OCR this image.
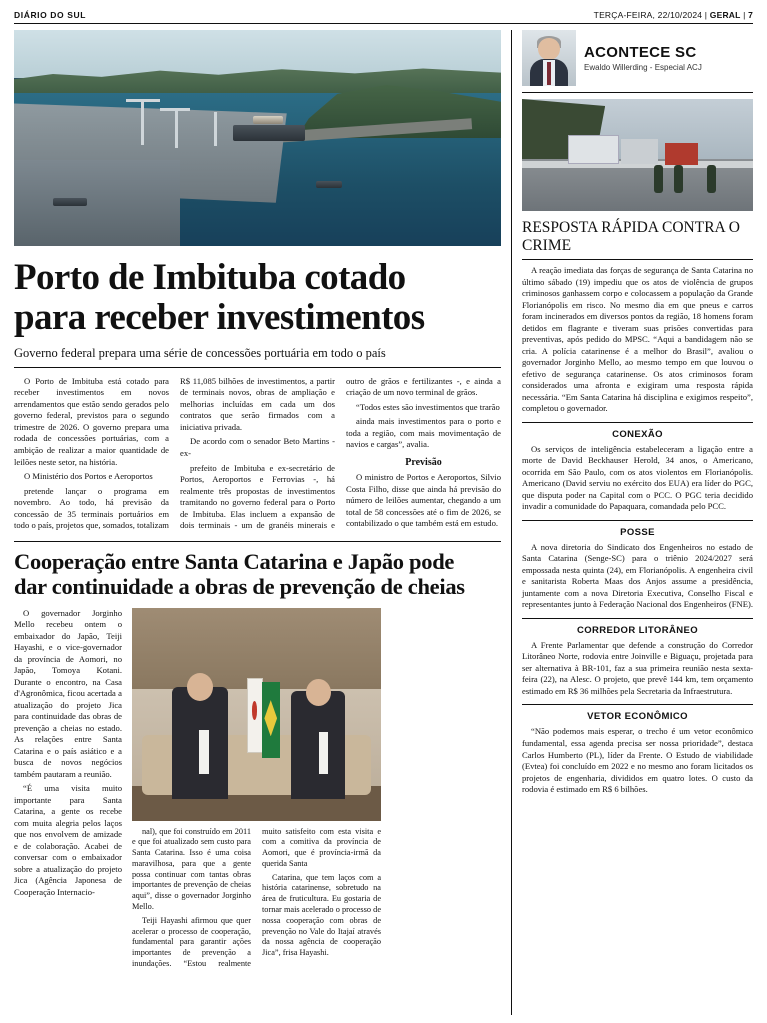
DIÁRIO DO SUL	TERÇA-FEIRA, 22/10/2024 | GERAL | 7
Porto de Imbituba cotado
para receber investimentos
Governo federal prepara uma série de concessões portuária em todo o país

O Porto de Imbituba está cotado para receber investimentos em novos arrendamentos que estão sendo gerados pelo governo federal, previstos para o segundo trimestre de 2026. O governo prepara uma rodada de concessões portuárias, com a ambição de realizar a maior quantidade de leilões neste setor, na história.

O Ministério dos Portos e Aeroportos

pretende lançar o programa em novembro. Ao todo, há previsão da concessão de 35 terminais portuários em todo o país, projetos que, somados, totalizam R$ 11,085 bilhões de investimentos, a partir de terminais novos, obras de ampliação e melhorias incluídas em cada um dos contratos que serão firmados com a iniciativa privada.

De acordo com o senador Beto Martins - ex-

prefeito de Imbituba e ex-secretário de Portos, Aeroportos e Ferrovias -, há realmente três propostas de investimentos tramitando no governo federal para o Porto de Imbituba. Elas incluem a expansão de dois terminais - um de granéis minerais e outro de grãos e fertilizantes -, e ainda a criação de um novo terminal de grãos.

“Todos estes são investimentos que trarão

ainda mais investimentos para o porto e toda a região, com mais movimentação de navios e cargas”, avalia.

Previsão

O ministro de Portos e Aeroportos, Silvio Costa Filho, disse que ainda há previsão do número de leilões aumentar, chegando a um total de 58 concessões até o fim de 2026, se contabilizado o que também está em estudo.

Cooperação entre Santa Catarina e Japão pode
dar continuidade a obras de prevenção de cheias

O governador Jorginho Mello recebeu ontem o embaixador do Japão, Teiji Hayashi, e o vice-governador da província de Aomori, no Japão, Tomoya Kotani. Durante o encontro, na Casa d'Agronômica, ficou acertada a atualização do projeto Jica para continuidade das obras de prevenção a cheias no estado. As relações entre Santa Catarina e o país asiático e a busca de novos negócios também pautaram a reunião.

“É uma visita muito importante para Santa Catarina, a gente os recebe com muita alegria pelos laços que nos envolvem de amizade e de colaboração. Acabei de conversar com o embaixador sobre a atualização do projeto Jica (Agência Japonesa de Cooperação Internacio-

nal), que foi construído em 2011 e que foi atualizado sem custo para Santa Catarina. Isso é uma coisa maravilhosa, para que a gente possa continuar com tantas obras importantes de prevenção de cheias aqui”, disse o governador Jorginho Mello.

Teiji Hayashi afirmou que quer acelerar o processo de cooperação, fundamental para garantir ações importantes de prevenção a inundações. “Estou realmente muito satisfeito com esta visita e com a comitiva da província de Aomori, que é província-irmã da querida Santa

Catarina, que tem laços com a história catarinense, sobretudo na área de fruticultura. Eu gostaria de tornar mais acelerado o processo de nossa cooperação com obras de prevenção no Vale do Itajaí através da nossa agência de cooperação Jica”, frisa Hayashi.

ACONTECE SC
Ewaldo Willerding - Especial ACJ
RESPOSTA RÁPIDA CONTRA O CRIME

A reação imediata das forças de segurança de Santa Catarina no último sábado (19) impediu que os atos de violência de grupos criminosos ganhassem corpo e colocassem a população da Grande Florianópolis em risco. No mesmo dia em que pneus e carros foram incinerados em diversos pontos da região, 18 homens foram detidos em flagrante e tiveram suas prisões convertidas para preventivas, após pedido do MPSC. “Aqui a bandidagem não se cria. A polícia catarinense é a melhor do Brasil”, avaliou o governador Jorginho Mello, ao mesmo tempo em que louvou o efetivo de segurança catarinense. Os atos criminosos foram considerados uma afronta e exigiram uma resposta rápida necessária. “Em Santa Catarina há disciplina e exigimos respeito”, completou o governador.

CONEXÃO

Os serviços de inteligência estabeleceram a ligação entre a morte de David Beckhauser Herold, 34 anos, o Americano, ocorrida em São Paulo, com os atos violentos em Florianópolis. Americano (David serviu no exército dos EUA) era líder do PGC, que disputa poder na Capital com o PCC. O PGC teria decidido invadir a comunidade do Papaquara, comandada pelo PCC.

POSSE

A nova diretoria do Sindicato dos Engenheiros no estado de Santa Catarina (Senge-SC) para o triênio 2024/2027 será empossada nesta quinta (24), em Florianópolis. A engenheira civil e sanitarista Roberta Maas dos Anjos assume a presidência, juntamente com a nova Diretoria Executiva, Conselho Fiscal e representantes junto à Federação Nacional dos Engenheiros (FNE).

CORREDOR LITORÂNEO

A Frente Parlamentar que defende a construção do Corredor Litorâneo Norte, rodovia entre Joinville e Biguaçu, projetada para ser alternativa à BR-101, faz a sua primeira reunião nesta sexta-feira (22), na Alesc. O projeto, que prevê 144 km, tem orçamento estimado em R$ 36 milhões pela Secretaria da Infraestrutura.

VETOR ECONÔMICO

“Não podemos mais esperar, o trecho é um vetor econômico fundamental, essa agenda precisa ser nossa prioridade”, destaca Carlos Humberto (PL), líder da Frente. O Estudo de viabilidade (Evtea) foi concluído em 2022 e no mesmo ano foram licitados os projetos de engenharia, divididos em quatro lotes. O custo da rodovia é estimado em R$ 6 bilhões.
